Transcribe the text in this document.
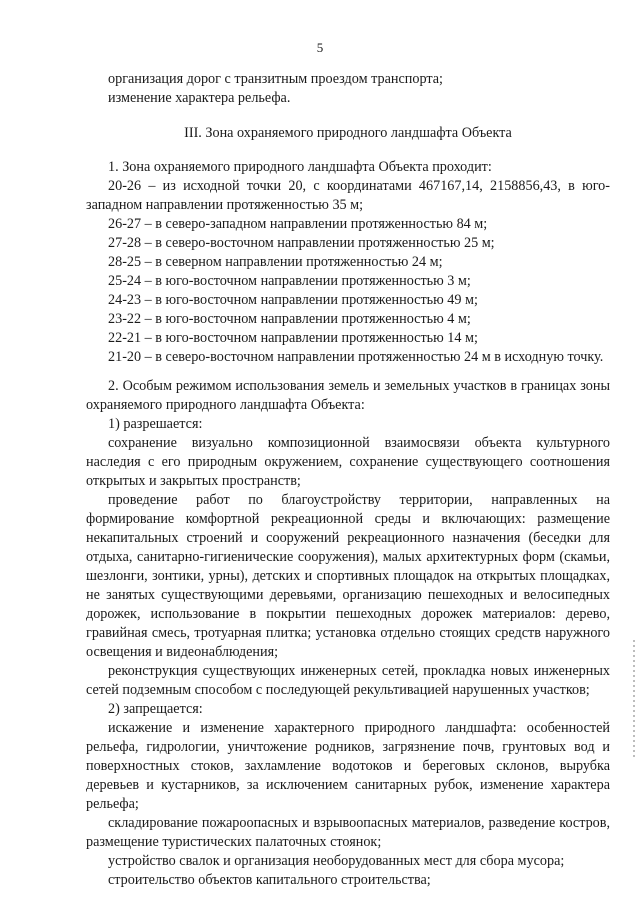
5

организация дорог с транзитным проездом транспорта;

изменение характера рельефа.

III. Зона охраняемого природного ландшафта Объекта

1. Зона охраняемого природного ландшафта Объекта проходит:

20-26 – из исходной точки 20, с координатами 467167,14, 2158856,43, в юго-западном направлении протяженностью 35 м;
26-27 – в северо-западном направлении протяженностью 84 м;
27-28 – в северо-восточном направлении протяженностью 25 м;
28-25 – в северном направлении протяженностью 24 м;
25-24 – в юго-восточном направлении протяженностью 3 м;
24-23 – в юго-восточном направлении протяженностью 49 м;
23-22 – в юго-восточном направлении протяженностью 4 м;
22-21 – в юго-восточном направлении протяженностью 14 м;
21-20 – в северо-восточном направлении протяженностью 24 м в исходную точку.

2. Особым режимом использования земель и земельных участков в границах зоны охраняемого природного ландшафта Объекта:

1) разрешается:

сохранение визуально композиционной взаимосвязи объекта культурного наследия с его природным окружением, сохранение существующего соотношения открытых и закрытых пространств;

проведение работ по благоустройству территории, направленных на формирование комфортной рекреационной среды и включающих: размещение некапитальных строений и сооружений рекреационного назначения (беседки для отдыха, санитарно-гигиенические сооружения), малых архитектурных форм (скамьи, шезлонги, зонтики, урны), детских и спортивных площадок на открытых площадках, не занятых существующими деревьями, организацию пешеходных и велосипедных дорожек, использование в покрытии пешеходных дорожек материалов: дерево, гравийная смесь, тротуарная плитка; установка отдельно стоящих средств наружного освещения и видеонаблюдения;

реконструкция существующих инженерных сетей, прокладка новых инженерных сетей подземным способом с последующей рекультивацией нарушенных участков;

2) запрещается:

искажение и изменение характерного природного ландшафта: особенностей рельефа, гидрологии, уничтожение родников, загрязнение почв, грунтовых вод и поверхностных стоков, захламление водотоков и береговых склонов, вырубка деревьев и кустарников, за исключением санитарных рубок, изменение характера рельефа;

складирование пожароопасных и взрывоопасных материалов, разведение костров, размещение туристических палаточных стоянок;

устройство свалок и организация необорудованных мест для сбора мусора;

строительство объектов капитального строительства;
